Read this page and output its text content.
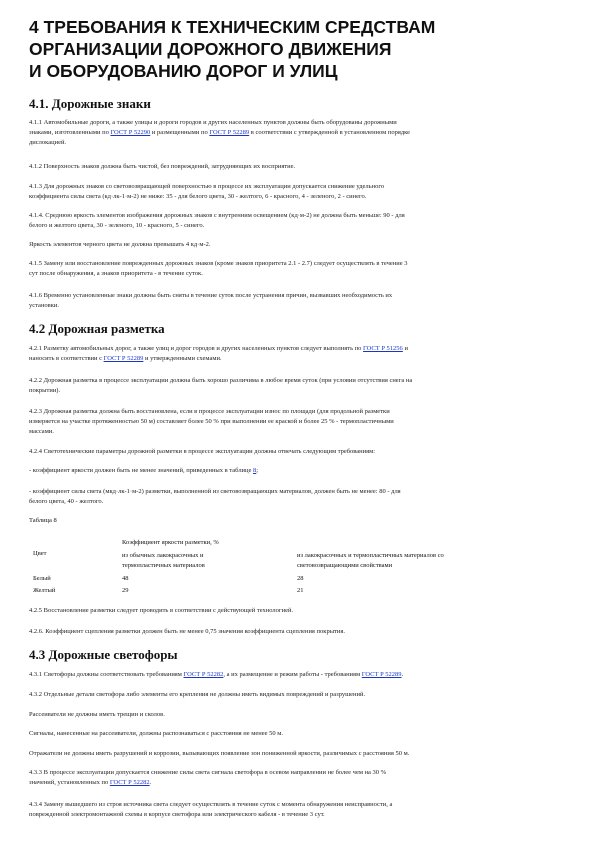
4 ТРЕБОВАНИЯ К ТЕХНИЧЕСКИМ СРЕДСТВАМ
ОРГАНИЗАЦИИ ДОРОЖНОГО ДВИЖЕНИЯ
И ОБОРУДОВАНИЮ ДОРОГ И УЛИЦ
4.1. Дорожные знаки

4.1.1 Автомобильные дороги, а также улицы и дороги городов и других населенных пунктов должны быть оборудованы дорожными
знаками, изготовленными по ГОСТ Р 52290 и размещенными по ГОСТ Р 52289 в соответствии с утвержденной в установленном порядке
дислокацией.

4.1.2 Поверхность знаков должна быть чистой, без повреждений, затрудняющих их восприятие.

4.1.3 Для дорожных знаков со световозвращающей поверхностью в процессе их эксплуатации допускается снижение удельного
коэффициента силы света (кд·лк-1·м-2) не ниже: 35 - для белого цвета, 30 - желтого, 6 - красного, 4 - зеленого, 2 - синего.

4.1.4. Среднюю яркость элементов изображения дорожных знаков с внутренним освещением (кд·м-2) не должна быть меньше: 90 - для
белого и желтого цвета, 30 - зеленого, 10 - красного, 5 - синего.

Яркость элементов черного цвета не должна превышать 4 кд·м-2.

4.1.5 Замену или восстановление поврежденных дорожных знаков (кроме знаков приоритета 2.1 - 2.7) следует осуществлять в течение 3
сут после обнаружения, а знаков приоритета - в течение суток.

4.1.6 Временно установленные знаки должны быть сняты в течение суток после устранения причин, вызвавших необходимость их
установки.

4.2 Дорожная разметка

4.2.1 Разметку автомобильных дорог, а также улиц и дорог городов и других населенных пунктов следует выполнять по ГОСТ Р 51256 и
наносить в соответствии с ГОСТ Р 52289 и утвержденными схемами.

4.2.2 Дорожная разметка в процессе эксплуатации должна быть хорошо различима в любое время суток (при условии отсутствия снега на
покрытии).

4.2.3 Дорожная разметка должна быть восстановлена, если в процессе эксплуатации износ по площади (для продольной разметки
измеряется на участке протяженностью 50 м) составляет более 50 % при выполнении ее краской и более 25 % - термопластичными
массами.

4.2.4 Светотехнические параметры дорожной разметки в процессе эксплуатации должны отвечать следующим требованиям:

- коэффициент яркости должен быть не менее значений, приведенных в таблице 8;

- коэффициент силы света (мкд·лк-1·м-2) разметки, выполненной из световозвращающих материалов, должен быть не менее: 80 - для
белого цвета, 40 - желтого.

Таблица 8
Цвет
Коэффициент яркости разметки, %
из обычных лакокрасочных и
термопластичных материалов
из лакокрасочных и термопластичных материалов со
световозвращающими свойствами
Белый	48	28
Желтый	29	21

4.2.5 Восстановление разметки следует проводить в соответствии с действующей технологией.

4.2.6. Коэффициент сцепления разметки должен быть не менее 0,75 значения коэффициента сцепления покрытия.

4.3 Дорожные светофоры

4.3.1 Светофоры должны соответствовать требованиям ГОСТ Р 52282, а их размещение и режим работы - требованиям ГОСТ Р 52289.

4.3.2 Отдельные детали светофора либо элементы его крепления не должны иметь видимых повреждений и разрушений.

Рассеиватели не должны иметь трещин и сколов.

Сигналы, нанесенные на рассеиватели, должны распознаваться с расстояния не менее 50 м.

Отражатели не должны иметь разрушений и коррозии, вызывающих появление зон пониженной яркости, различимых с расстояния 50 м.

4.3.3 В процессе эксплуатации допускается снижение силы света сигнала светофора в осевом направлении не более чем на 30 %
значений, установленных по ГОСТ Р 52282.

4.3.4 Замену вышедшего из строя источника света следует осуществлять в течение суток с момента обнаружения неисправности, а
поврежденной электромонтажной схемы в корпусе светофора или электрического кабеля - в течение 3 сут.
